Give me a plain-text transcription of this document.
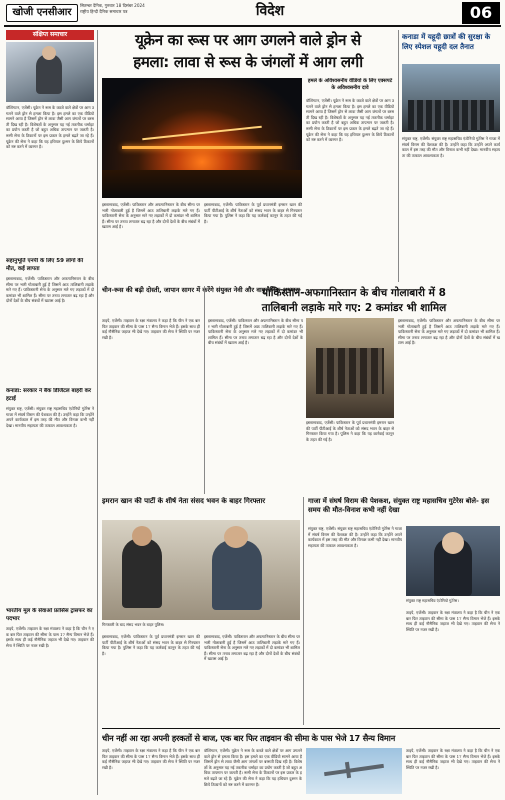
खोजी एनसीआर
सितम्बर दैनिक, गुरुवार 18 दिसंबर 2024
राष्ट्रीय हिन्दी दैनिक समाचार पत्र	विदेश	06
संक्षिप्त समाचार
वॉशिंगटन, एजेंसी। यूक्रेन ने रूस के कब्जे वाले क्षेत्रों पर आग उगलने वाले ड्रोन से हमला किया है। इस हमले का एक वीडियो सामने आया है जिसमें ड्रोन से लावा जैसी आग जंगलों पर बरसती दिख रही है। विशेषज्ञों के अनुसार यह नई तकनीक थर्माइट का प्रयोग करती है जो बहुत अधिक तापमान पर जलती है। रूसी सेना के ठिकानों पर इस प्रकार के हमले बढ़ते जा रहे हैं। यूक्रेन की सेना ने कहा कि यह हथियार दुश्मन के छिपे ठिकानों को नष्ट करने में कारगर है।
सहानुभूति एनपी के लिए 59 लोगों की मौत, कई लापता
इस्लामाबाद, एजेंसी। पाकिस्तान और अफगानिस्तान के बीच सीमा पर भारी गोलाबारी हुई है जिसमें आठ तालिबानी लड़ाके मारे गए हैं। पाकिस्तानी सेना के अनुसार मारे गए लड़ाकों में दो कमांडर भी शामिल हैं। सीमा पर तनाव लगातार बढ़ रहा है और दोनों देशों के बीच संबंधों में खटास आई है।
कनाडा: सरकार ने बैंक डिजिटल बाहरी कर हटाई
संयुक्त राष्ट्र, एजेंसी। संयुक्त राष्ट्र महासचिव एंटोनियो गुटेरेस ने गाजा में संघर्ष विराम की पेशकश की है। उन्होंने कहा कि उन्होंने अपने कार्यकाल में इस तरह की मौत और विनाश कभी नहीं देखा। मानवीय सहायता की तत्काल आवश्यकता है।
भारतीय मूल के सेवाओं फ्रांसिस ट्रांसफर का पदभार
ताइपे, एजेंसी। ताइवान के रक्षा मंत्रालय ने कहा है कि चीन ने एक बार फिर ताइवान की सीमा के पास 17 सैन्य विमान भेजे हैं। इसके साथ ही कई नौसैनिक जहाज भी देखे गए। ताइवान की सेना ने स्थिति पर नजर रखी है।
यूक्रेन का रूस पर आग उगलने वाले ड्रोन से
हमला: लावा से रूस के जंगलों में आग लगी
हमले के अविश्वसनीय वीडियो के लिए एक्सपर्ट के अविश्वसनीय दावे
वॉशिंगटन, एजेंसी। यूक्रेन ने रूस के कब्जे वाले क्षेत्रों पर आग उगलने वाले ड्रोन से हमला किया है। इस हमले का एक वीडियो सामने आया है जिसमें ड्रोन से लावा जैसी आग जंगलों पर बरसती दिख रही है। विशेषज्ञों के अनुसार यह नई तकनीक थर्माइट का प्रयोग करती है जो बहुत अधिक तापमान पर जलती है। रूसी सेना के ठिकानों पर इस प्रकार के हमले बढ़ते जा रहे हैं। यूक्रेन की सेना ने कहा कि यह हथियार दुश्मन के छिपे ठिकानों को नष्ट करने में कारगर है।
इस्लामाबाद, एजेंसी। पाकिस्तान और अफगानिस्तान के बीच सीमा पर भारी गोलाबारी हुई है जिसमें आठ तालिबानी लड़ाके मारे गए हैं। पाकिस्तानी सेना के अनुसार मारे गए लड़ाकों में दो कमांडर भी शामिल हैं। सीमा पर तनाव लगातार बढ़ रहा है और दोनों देशों के बीच संबंधों में खटास आई है।
इस्लामाबाद, एजेंसी। पाकिस्तान के पूर्व प्रधानमंत्री इमरान खान की पार्टी पीटीआई के शीर्ष नेताओं को संसद भवन के बाहर से गिरफ्तार किया गया है। पुलिस ने कहा कि यह कार्रवाई कानून के तहत की गई है।
कनाडा में यहूदी छात्रों की सुरक्षा के लिए स्पेशल यहूदी दल तैनात
संयुक्त राष्ट्र, एजेंसी। संयुक्त राष्ट्र महासचिव एंटोनियो गुटेरेस ने गाजा में संघर्ष विराम की पेशकश की है। उन्होंने कहा कि उन्होंने अपने कार्यकाल में इस तरह की मौत और विनाश कभी नहीं देखा। मानवीय सहायता की तत्काल आवश्यकता है।
चीन-रूस की बढ़ी दोस्ती, जापान सागर में करेंगे संयुक्त नेवी और वायुसैनिक अभ्यास
पाकिस्तान-अफगानिस्तान के बीच गोलाबारी में 8
तालिबानी लड़ाके मारे गए: 2 कमांडर भी शामिल
ताइपे, एजेंसी। ताइवान के रक्षा मंत्रालय ने कहा है कि चीन ने एक बार फिर ताइवान की सीमा के पास 17 सैन्य विमान भेजे हैं। इसके साथ ही कई नौसैनिक जहाज भी देखे गए। ताइवान की सेना ने स्थिति पर नजर रखी है।
इस्लामाबाद, एजेंसी। पाकिस्तान और अफगानिस्तान के बीच सीमा पर भारी गोलाबारी हुई है जिसमें आठ तालिबानी लड़ाके मारे गए हैं। पाकिस्तानी सेना के अनुसार मारे गए लड़ाकों में दो कमांडर भी शामिल हैं। सीमा पर तनाव लगातार बढ़ रहा है और दोनों देशों के बीच संबंधों में खटास आई है।
इस्लामाबाद, एजेंसी। पाकिस्तान के पूर्व प्रधानमंत्री इमरान खान की पार्टी पीटीआई के शीर्ष नेताओं को संसद भवन के बाहर से गिरफ्तार किया गया है। पुलिस ने कहा कि यह कार्रवाई कानून के तहत की गई है।
इस्लामाबाद, एजेंसी। पाकिस्तान और अफगानिस्तान के बीच सीमा पर भारी गोलाबारी हुई है जिसमें आठ तालिबानी लड़ाके मारे गए हैं। पाकिस्तानी सेना के अनुसार मारे गए लड़ाकों में दो कमांडर भी शामिल हैं। सीमा पर तनाव लगातार बढ़ रहा है और दोनों देशों के बीच संबंधों में खटास आई है।
इमरान खान की पार्टी के शीर्ष नेता संसद भवन के बाहर गिरफ्तार
गिरफ्तारी के बाद संसद भवन के बाहर पुलिस।
इस्लामाबाद, एजेंसी। पाकिस्तान के पूर्व प्रधानमंत्री इमरान खान की पार्टी पीटीआई के शीर्ष नेताओं को संसद भवन के बाहर से गिरफ्तार किया गया है। पुलिस ने कहा कि यह कार्रवाई कानून के तहत की गई है।
इस्लामाबाद, एजेंसी। पाकिस्तान और अफगानिस्तान के बीच सीमा पर भारी गोलाबारी हुई है जिसमें आठ तालिबानी लड़ाके मारे गए हैं। पाकिस्तानी सेना के अनुसार मारे गए लड़ाकों में दो कमांडर भी शामिल हैं। सीमा पर तनाव लगातार बढ़ रहा है और दोनों देशों के बीच संबंधों में खटास आई है।
गाजा में संघर्ष विराम की पेशकश, संयुक्त राष्ट्र महासचिव गुटेरेस बोले- इस समय की मौत-विनाश कभी नहीं देखा
संयुक्त राष्ट्र, एजेंसी। संयुक्त राष्ट्र महासचिव एंटोनियो गुटेरेस ने गाजा में संघर्ष विराम की पेशकश की है। उन्होंने कहा कि उन्होंने अपने कार्यकाल में इस तरह की मौत और विनाश कभी नहीं देखा। मानवीय सहायता की तत्काल आवश्यकता है।
संयुक्त राष्ट्र महासचिव एंटोनियो गुटेरेस।
ताइपे, एजेंसी। ताइवान के रक्षा मंत्रालय ने कहा है कि चीन ने एक बार फिर ताइवान की सीमा के पास 17 सैन्य विमान भेजे हैं। इसके साथ ही कई नौसैनिक जहाज भी देखे गए। ताइवान की सेना ने स्थिति पर नजर रखी है।
चीन नहीं आ रहा अपनी हरकतों से बाज, एक बार फिर ताइवान की सीमा के पास भेजे 17 सैन्य विमान
ताइपे, एजेंसी। ताइवान के रक्षा मंत्रालय ने कहा है कि चीन ने एक बार फिर ताइवान की सीमा के पास 17 सैन्य विमान भेजे हैं। इसके साथ ही कई नौसैनिक जहाज भी देखे गए। ताइवान की सेना ने स्थिति पर नजर रखी है।
वॉशिंगटन, एजेंसी। यूक्रेन ने रूस के कब्जे वाले क्षेत्रों पर आग उगलने वाले ड्रोन से हमला किया है। इस हमले का एक वीडियो सामने आया है जिसमें ड्रोन से लावा जैसी आग जंगलों पर बरसती दिख रही है। विशेषज्ञों के अनुसार यह नई तकनीक थर्माइट का प्रयोग करती है जो बहुत अधिक तापमान पर जलती है। रूसी सेना के ठिकानों पर इस प्रकार के हमले बढ़ते जा रहे हैं। यूक्रेन की सेना ने कहा कि यह हथियार दुश्मन के छिपे ठिकानों को नष्ट करने में कारगर है।
ताइपे, एजेंसी। ताइवान के रक्षा मंत्रालय ने कहा है कि चीन ने एक बार फिर ताइवान की सीमा के पास 17 सैन्य विमान भेजे हैं। इसके साथ ही कई नौसैनिक जहाज भी देखे गए। ताइवान की सेना ने स्थिति पर नजर रखी है।
